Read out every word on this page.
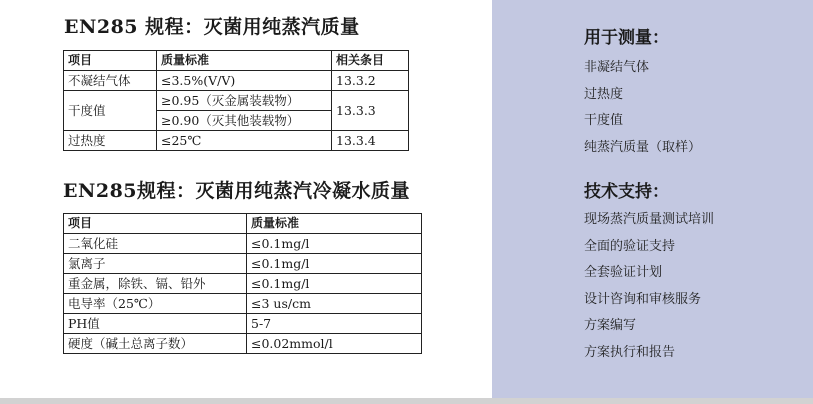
EN285 规程：灭菌用纯蒸汽质量
项目	质量标准	相关条目
不凝结气体	≤3.5%(V/V)	13.3.2
干度值	≥0.95（灭金属装载物）	13.3.3
	≥0.90（灭其他装载物）	
过热度	≤25℃	13.3.4
EN285规程：灭菌用纯蒸汽冷凝水质量
项目	质量标准
二氧化硅	≤0.1mg/l
氯离子	≤0.1mg/l
重金属，除铁、镉、铅外	≤0.1mg/l
电导率（25℃）	≤3 us/cm
PH值	5-7
硬度（碱土总离子数）	≤0.02mmol/l
用于测量：
非凝结气体
过热度
干度值
纯蒸汽质量（取样）
技术支持：
现场蒸汽质量测试培训
全面的验证支持
全套验证计划
设计咨询和审核服务
方案编写
方案执行和报告
